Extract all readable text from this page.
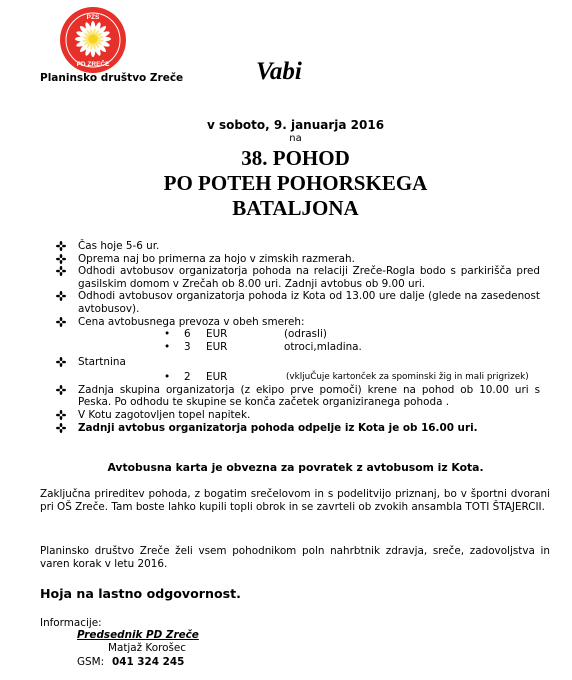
PZS
PD ZREČE
Planinsko društvo Zreče	Vabi
v soboto, 9. januarja 2016
na
38. POHOD
PO POTEH POHORSKEGA
BATALJONA
Čas hoje 5-6 ur.
Oprema naj bo primerna za hojo v zimskih razmerah.
Odhodi avtobusov organizatorja pohoda na relaciji Zreče-Rogla bodo s parkirišča pred gasilskim domom v Zrečah ob 8.00 uri. Zadnji avtobus ob 9.00 uri.
Odhodi avtobusov organizatorja pohoda iz Kota od 13.00 ure dalje (glede na zasedenost avtobusov).
Cena avtobusnega prevoza v obeh smereh:
• 6 EUR	(odrasli)
• 3 EUR	otroci,mladina.
Startnina
• 2 EUR	(vkljuČuje kartonček za spominski žig in mali prigrizek)
Zadnja skupina organizatorja (z ekipo prve pomoči) krene na pohod ob 10.00 uri s Peska. Po odhodu te skupine se konča začetek organiziranega pohoda .
V Kotu zagotovljen topel napitek.
Zadnji avtobus organizatorja pohoda odpelje iz Kota je ob 16.00 uri.
Avtobusna karta je obvezna za povratek z avtobusom iz Kota.
Zaključna prireditev pohoda, z bogatim srečelovom in s podelitvijo priznanj, bo v športni dvorani pri OŠ Zreče. Tam boste lahko kupili topli obrok in se zavrteli ob zvokih ansambla TOTI ŠTAJERCII.
Planinsko društvo Zreče želi vsem pohodnikom poln nahrbtnik zdravja, sreče, zadovoljstva in varen korak v letu 2016.
Hoja na lastno odgovornost.
Informacije:
Predsednik PD Zreče
Matjaž Korošec
GSM: 041 324 245
